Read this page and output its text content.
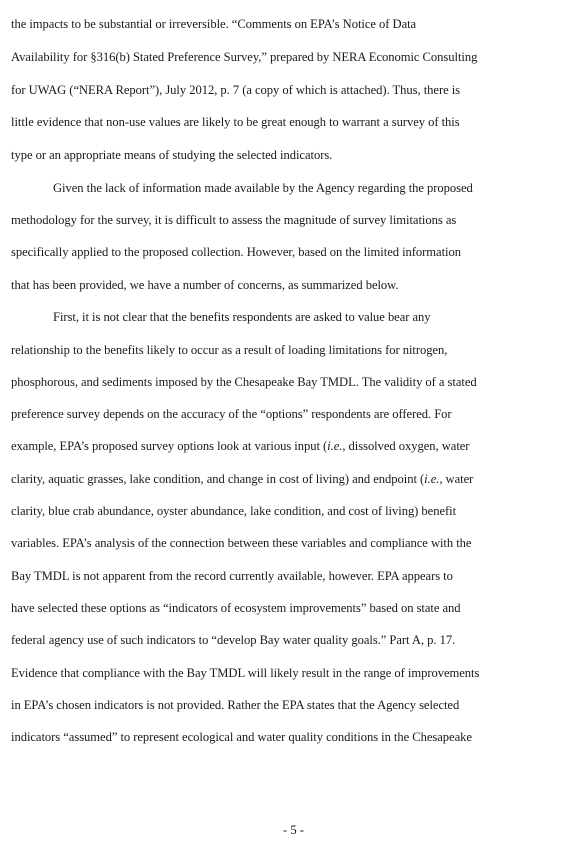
the impacts to be substantial or irreversible. “Comments on EPA’s Notice of Data
Availability for §316(b) Stated Preference Survey,” prepared by NERA Economic Consulting
for UWAG (“NERA Report”), July 2012, p. 7 (a copy of which is attached). Thus, there is
little evidence that non-use values are likely to be great enough to warrant a survey of this
type or an appropriate means of studying the selected indicators.
Given the lack of information made available by the Agency regarding the proposed
methodology for the survey, it is difficult to assess the magnitude of survey limitations as
specifically applied to the proposed collection. However, based on the limited information
that has been provided, we have a number of concerns, as summarized below.
First, it is not clear that the benefits respondents are asked to value bear any
relationship to the benefits likely to occur as a result of loading limitations for nitrogen,
phosphorous, and sediments imposed by the Chesapeake Bay TMDL. The validity of a stated
preference survey depends on the accuracy of the “options” respondents are offered. For
example, EPA’s proposed survey options look at various input (i.e., dissolved oxygen, water
clarity, aquatic grasses, lake condition, and change in cost of living) and endpoint (i.e., water
clarity, blue crab abundance, oyster abundance, lake condition, and cost of living) benefit
variables. EPA’s analysis of the connection between these variables and compliance with the
Bay TMDL is not apparent from the record currently available, however. EPA appears to
have selected these options as “indicators of ecosystem improvements” based on state and
federal agency use of such indicators to “develop Bay water quality goals.” Part A, p. 17.
Evidence that compliance with the Bay TMDL will likely result in the range of improvements
in EPA’s chosen indicators is not provided. Rather the EPA states that the Agency selected
indicators “assumed” to represent ecological and water quality conditions in the Chesapeake
- 5 -
